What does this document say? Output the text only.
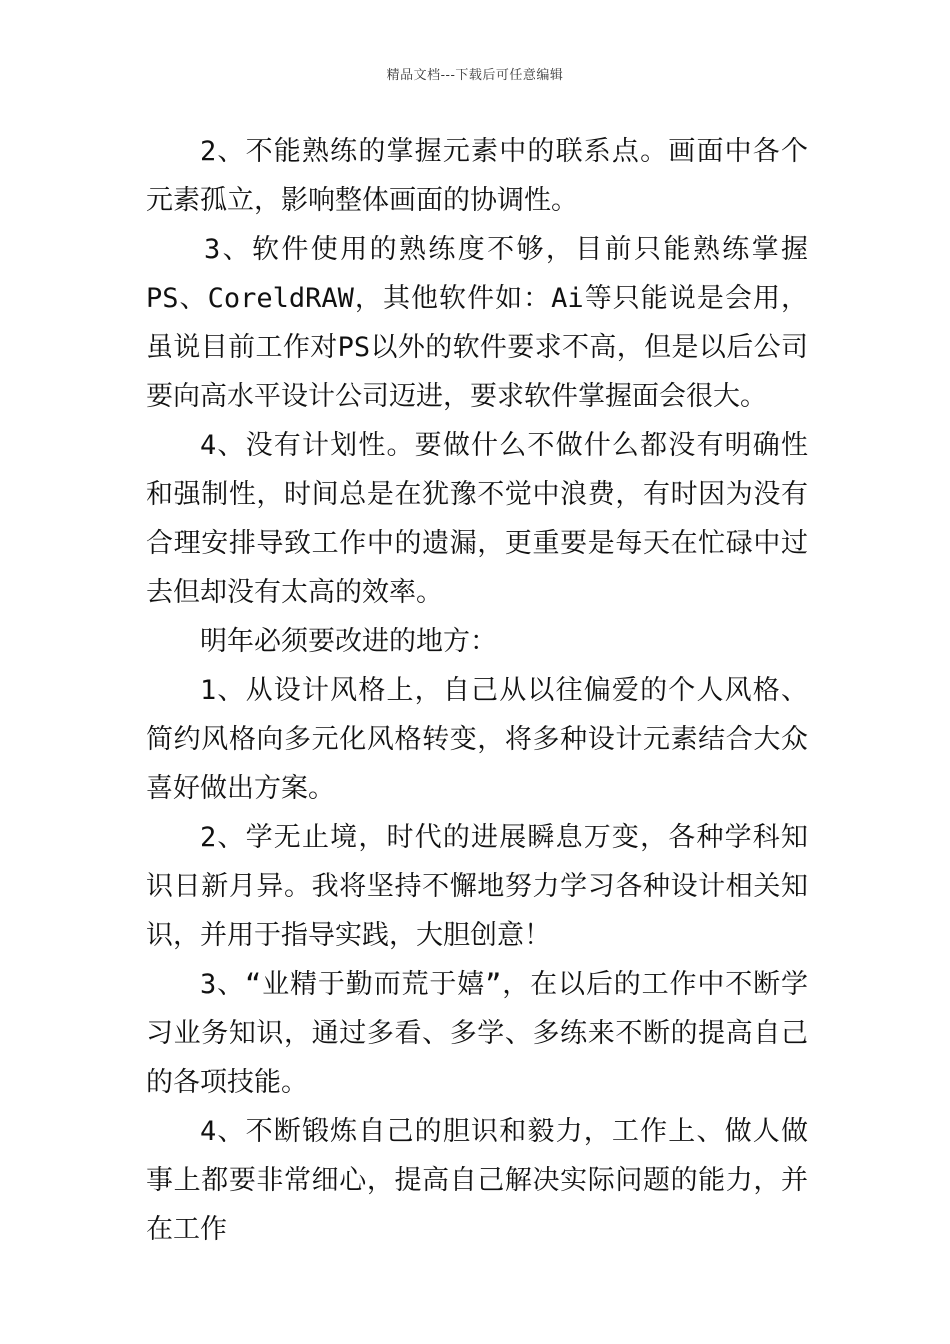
精品文档---下载后可任意编辑

2、不能熟练的掌握元素中的联系点。画面中各个元素孤立，影响整体画面的协调性。

3、软件使用的熟练度不够，目前只能熟练掌握PS、CoreldRAW，其他软件如：Ai等只能说是会用，虽说目前工作对PS以外的软件要求不高，但是以后公司要向高水平设计公司迈进，要求软件掌握面会很大。

4、没有计划性。要做什么不做什么都没有明确性和强制性，时间总是在犹豫不觉中浪费，有时因为没有合理安排导致工作中的遗漏，更重要是每天在忙碌中过去但却没有太高的效率。

明年必须要改进的地方：

1、从设计风格上，自己从以往偏爱的个人风格、简约风格向多元化风格转变，将多种设计元素结合大众喜好做出方案。

2、学无止境，时代的进展瞬息万变，各种学科知识日新月异。我将坚持不懈地努力学习各种设计相关知识，并用于指导实践，大胆创意！

3、“业精于勤而荒于嬉”，在以后的工作中不断学习业务知识，通过多看、多学、多练来不断的提高自己的各项技能。

4、不断锻炼自己的胆识和毅力，工作上、做人做事上都要非常细心，提高自己解决实际问题的能力，并在工作
